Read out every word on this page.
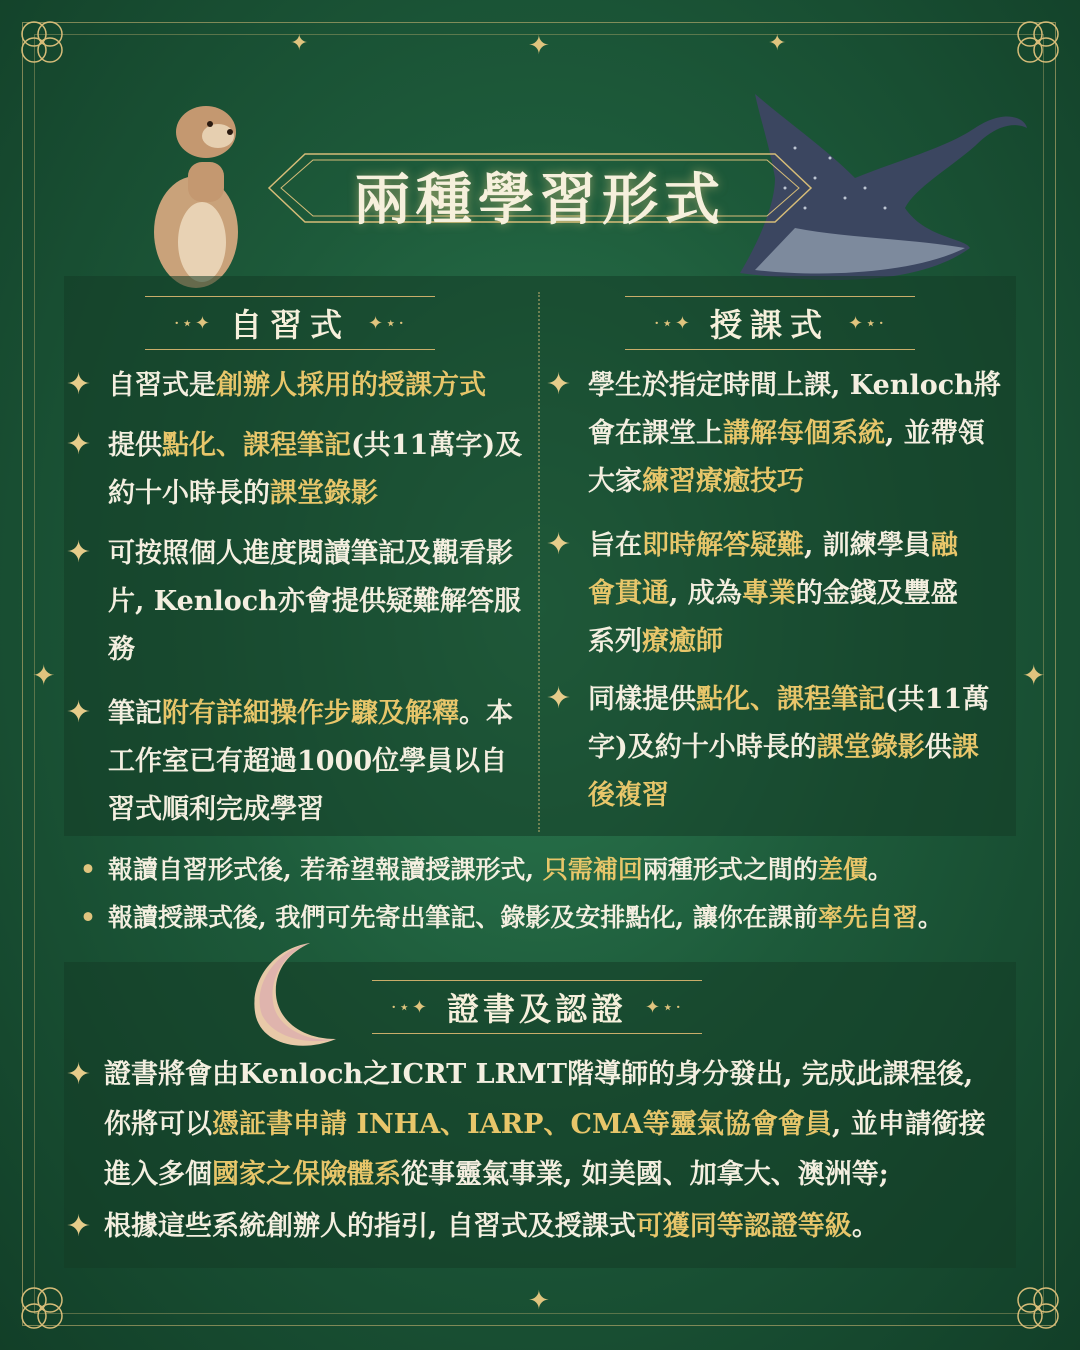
✦	✦	✦
✦	✦
✦
兩種學習形式
·⋆✦ 自習式 ✦⋆·	·⋆✦ 授課式 ✦⋆·
✦ 自習式是創辦人採用的授課方式
✦ 提供點化、課程筆記(共11萬字)及約十小時長的課堂錄影
✦ 可按照個人進度閱讀筆記及觀看影片, Kenloch亦會提供疑難解答服務
✦ 筆記附有詳細操作步驟及解釋。本工作室已有超過1000位學員以自習式順利完成學習
✦ 學生於指定時間上課, Kenloch將會在課堂上講解每個系統, 並帶領大家練習療癒技巧
✦ 旨在即時解答疑難, 訓練學員融會貫通, 成為專業的金錢及豐盛系列療癒師
✦ 同樣提供點化、課程筆記(共11萬字)及約十小時長的課堂錄影供課後複習
• 報讀自習形式後, 若希望報讀授課形式, 只需補回兩種形式之間的差價。
• 報讀授課式後, 我們可先寄出筆記、錄影及安排點化, 讓你在課前率先自習。
·⋆✦ 證書及認證 ✦⋆·
✦ 證書將會由Kenloch之ICRT LRMT階導師的身分發出, 完成此課程後, 你將可以憑証書申請 INHA、IARP、CMA等靈氣協會會員, 並申請銜接進入多個國家之保險體系從事靈氣事業, 如美國、加拿大、澳洲等;
✦ 根據這些系統創辦人的指引, 自習式及授課式可獲同等認證等級。
